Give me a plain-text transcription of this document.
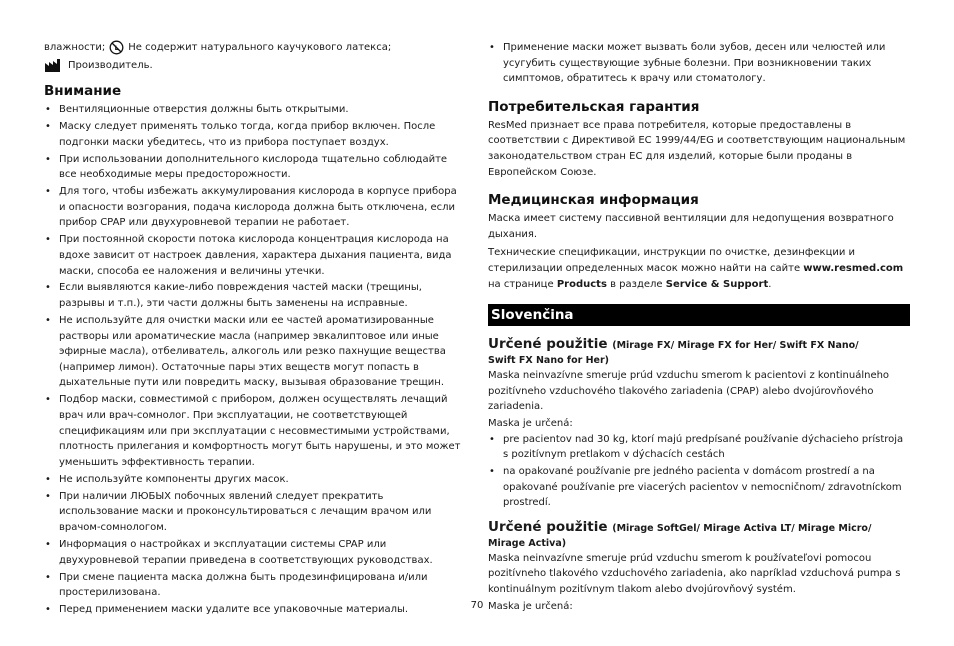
влажности; L Не содержит натурального каучукового латекса;
Производитель.
Внимание
• Вентиляционные отверстия должны быть открытыми.
• Маску следует применять только тогда, когда прибор включен. После подгонки маски убедитесь, что из прибора поступает воздух.
• При использовании дополнительного кислорода тщательно соблюдайте все необходимые меры предосторожности.
• Для того, чтобы избежать аккумулирования кислорода в корпусе прибора и опасности возгорания, подача кислорода должна быть отключена, если прибор CPAP или двухуровневой терапии не работает.
• При постоянной скорости потока кислорода концентрация кислорода на вдохе зависит от настроек давления, характера дыхания пациента, вида маски, способа ее наложения и величины утечки.
• Если выявляются какие-либо повреждения частей маски (трещины, разрывы и т.п.), эти части должны быть заменены на исправные.
• Не используйте для очистки маски или ее частей ароматизированные растворы или ароматические масла (например эвкалиптовое или иные эфирные масла), отбеливатель, алкоголь или резко пахнущие вещества (например лимон). Остаточные пары этих веществ могут попасть в дыхательные пути или повредить маску, вызывая образование трещин.
• Подбор маски, совместимой с прибором, должен осуществлять лечащий врач или врач-сомнолог. При эксплуатации, не соответствующей спецификациям или при эксплуатации с несовместимыми устройствами, плотность прилегания и комфортность могут быть нарушены, и это может уменьшить эффективность терапии.
• Не используйте компоненты других масок.
• При наличии ЛЮБЫХ побочных явлений следует прекратить использование маски и проконсультироваться с лечащим врачом или врачом-сомнологом.
• Информация о настройках и эксплуатации системы CPAP или двухуровневой терапии приведена в соответствующих руководствах.
• При смене пациента маска должна быть продезинфицирована и/или простерилизована.
• Перед применением маски удалите все упаковочные материалы.
• Применение маски может вызвать боли зубов, десен или челюстей или усугубить существующие зубные болезни. При возникновении таких симптомов, обратитесь к врачу или стоматологу.
Потребительская гарантия

ResMed признает все права потребителя, которые предоставлены в соответствии с Директивой ЕС 1999/44/EG и соответствующим национальным законодательством стран ЕС для изделий, которые были проданы в Европейском Союзе.

Медицинская информация

Маска имеет систему пассивной вентиляции для недопущения возвратного дыхания.

Технические спецификации, инструкции по очистке, дезинфекции и стерилизации определенных масок можно найти на сайте www.resmed.com
на странице Products в разделе Service & Support.

Slovenčina
Určené použitie (Mirage FX/ Mirage FX for Her/ Swift FX Nano/
Swift FX Nano for Her)

Maska neinvazívne smeruje prúd vzduchu smerom k pacientovi z kontinuálneho pozitívneho vzduchového tlakového zariadenia (CPAP) alebo dvojúrovňového zariadenia.

Maska je určená:

• pre pacientov nad 30 kg, ktorí majú predpísané používanie dýchacieho prístroja s pozitívnym pretlakom v dýchacích cestách
• na opakované používanie pre jedného pacienta v domácom prostredí a na opakované používanie pre viacerých pacientov v nemocničnom/ zdravotníckom prostredí.
Určené použitie (Mirage SoftGel/ Mirage Activa LT/ Mirage Micro/
Mirage Activa)

Maska neinvazívne smeruje prúd vzduchu smerom k používateľovi pomocou pozitívneho tlakového vzduchového zariadenia, ako napríklad vzduchová pumpa s kontinuálnym pozitívnym tlakom alebo dvojúrovňový systém.

Maska je určená:

70
